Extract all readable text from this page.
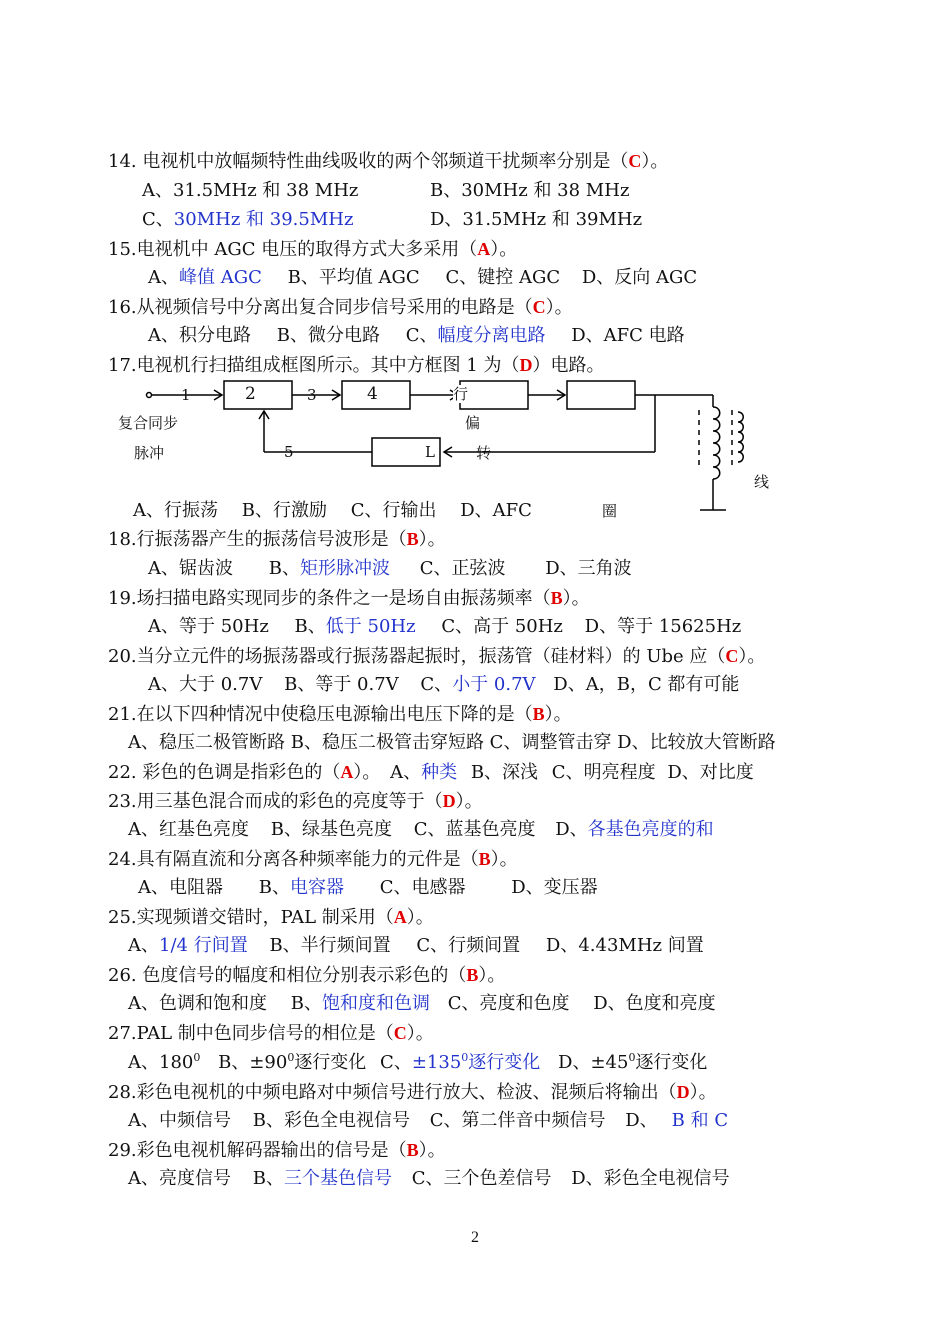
14. 电视机中放幅频特性曲线吸收的两个邻频道干扰频率分别是（C）。
A、31.5MHz 和 38 MHz	B、30MHz 和 38 MHz
C、30MHz 和 39.5MHz	D、31.5MHz 和 39MHz
15.电视机中 AGC 电压的取得方式大多采用（A）。
A、峰值 AGC B、平均值 AGC C、键控 AGC D、反向 AGC
16.从视频信号中分离出复合同步信号采用的电路是（C）。
A、积分电路 B、微分电路 C、幅度分离电路 D、AFC 电路
17.电视机行扫描组成框图所示。其中方框图 1 为（D）电路。
1	2	3	4
5	L
复合同步
脉冲
行
偏
转
线
圈
A、行振荡 B、行激励 C、行输出 D、AFC
18.行振荡器产生的振荡信号波形是（B）。
A、锯齿波 B、矩形脉冲波 C、正弦波 D、三角波
19.场扫描电路实现同步的条件之一是场自由振荡频率（B）。
A、等于 50Hz B、低于 50Hz C、高于 50Hz D、等于 15625Hz
20.当分立元件的场振荡器或行振荡器起振时，振荡管（硅材料）的 Ube 应（C）。
A、大于 0.7V B、等于 0.7V C、小于 0.7V D、A，B，C 都有可能
21.在以下四种情况中使稳压电源输出电压下降的是（B）。
A、稳压二极管断路 B、稳压二极管击穿短路 C、调整管击穿 D、比较放大管断路
22. 彩色的色调是指彩色的（A）。 A、种类 B、深浅 C、明亮程度 D、对比度
23.用三基色混合而成的彩色的亮度等于（D）。
A、红基色亮度 B、绿基色亮度 C、蓝基色亮度 D、各基色亮度的和
24.具有隔直流和分离各种频率能力的元件是（B）。
A、电阻器 B、电容器 C、电感器	D、变压器
25.实现频谱交错时，PAL 制采用（A）。
A、1/4 行间置 B、半行频间置 C、行频间置 D、4.43MHz 间置
26. 色度信号的幅度和相位分别表示彩色的（B）。
A、色调和饱和度 B、饱和度和色调 C、亮度和色度 D、色度和亮度
27.PAL 制中色同步信号的相位是（C）。
A、$180^0$ B、$\pm 90^0$逐行变化 C、$\pm 135^0$逐行变化 D、$\pm 45^0$逐行变化
28.彩色电视机的中频电路对中频信号进行放大、检波、混频后将输出（D）。
A、中频信号 B、彩色全电视信号 C、第二伴音中频信号 D、 B 和 C
29.彩色电视机解码器输出的信号是（B）。
A、亮度信号 B、三个基色信号 C、三个色差信号 D、彩色全电视信号
2
